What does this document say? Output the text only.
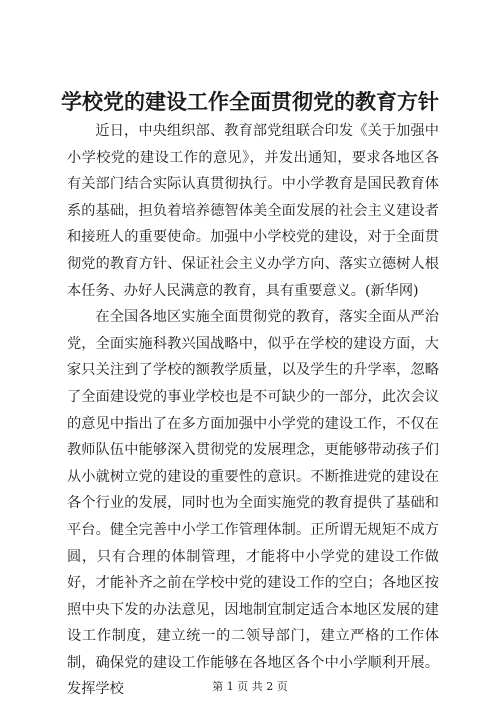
学校党的建设工作全面贯彻党的教育方针

近日，中央组织部、教育部党组联合印发《关于加强中小学校党的建设工作的意见》，并发出通知，要求各地区各有关部门结合实际认真贯彻执行。中小学教育是国民教育体系的基础，担负着培养德智体美全面发展的社会主义建设者和接班人的重要使命。加强中小学校党的建设，对于全面贯彻党的教育方针、保证社会主义办学方向、落实立德树人根本任务、办好人民满意的教育，具有重要意义。(新华网)

在全国各地区实施全面贯彻党的教育，落实全面从严治党，全面实施科教兴国战略中，似乎在学校的建设方面，大家只关注到了学校的额教学质量，以及学生的升学率，忽略了全面建设党的事业学校也是不可缺少的一部分，此次会议的意见中指出了在多方面加强中小学党的建设工作，不仅在教师队伍中能够深入贯彻党的发展理念，更能够带动孩子们从小就树立党的建设的重要性的意识。不断推进党的建设在各个行业的发展，同时也为全面实施党的教育提供了基础和平台。健全完善中小学工作管理体制。正所谓无规矩不成方圆，只有合理的体制管理，才能将中小学党的建设工作做好，才能补齐之前在学校中党的建设工作的空白；各地区按照中央下发的办法意见，因地制宜制定适合本地区发展的建设工作制度，建立统一的二领导部门，建立严格的工作体制，确保党的建设工作能够在各地区各个中小学顺利开展。发挥学校	第 1 页 共 2 页
